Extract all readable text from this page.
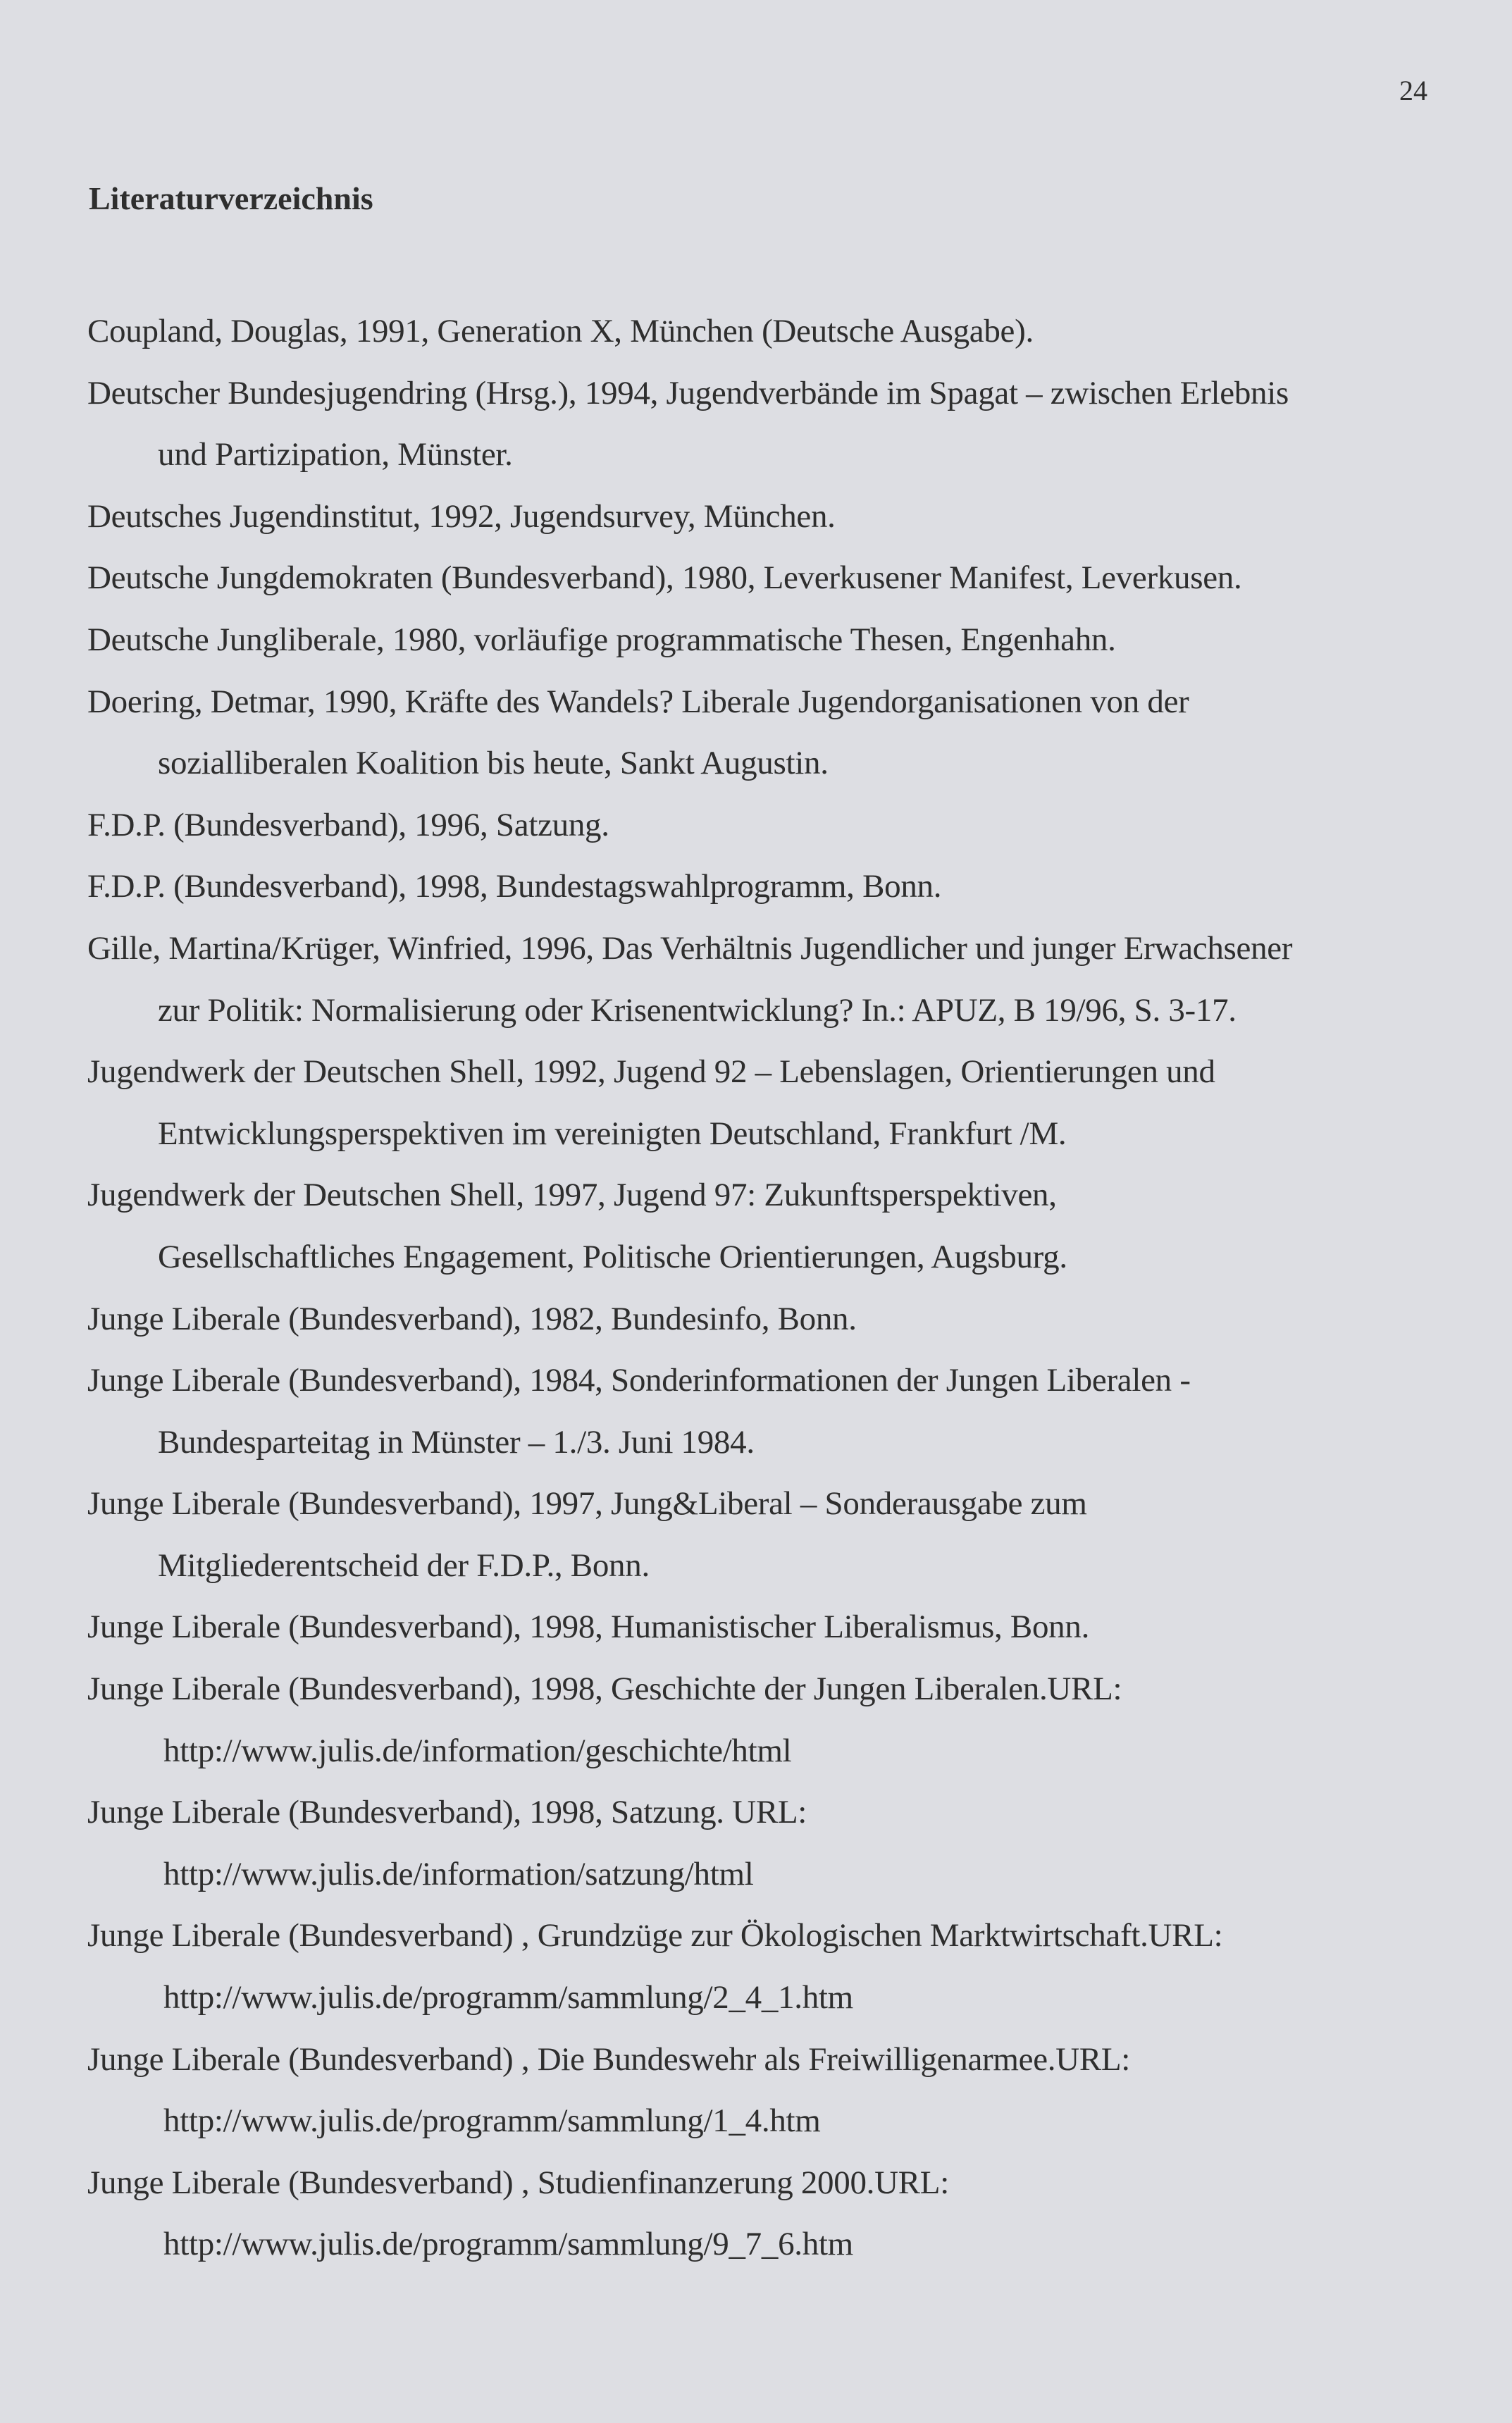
24
Literaturverzeichnis
Coupland, Douglas, 1991, Generation X, München (Deutsche Ausgabe).
Deutscher Bundesjugendring (Hrsg.), 1994, Jugendverbände im Spagat – zwischen Erlebnis
und Partizipation, Münster.
Deutsches Jugendinstitut, 1992, Jugendsurvey, München.
Deutsche Jungdemokraten (Bundesverband), 1980, Leverkusener Manifest, Leverkusen.
Deutsche Jungliberale, 1980, vorläufige programmatische Thesen, Engenhahn.
Doering, Detmar, 1990, Kräfte des Wandels? Liberale Jugendorganisationen von der
sozialliberalen Koalition bis heute, Sankt Augustin.
F.D.P. (Bundesverband), 1996, Satzung.
F.D.P. (Bundesverband), 1998, Bundestagswahlprogramm, Bonn.
Gille, Martina/Krüger, Winfried, 1996, Das Verhältnis Jugendlicher und junger Erwachsener
zur Politik: Normalisierung oder Krisenentwicklung? In.: APUZ, B 19/96, S. 3-17.
Jugendwerk der Deutschen Shell, 1992, Jugend 92 – Lebenslagen, Orientierungen und
Entwicklungsperspektiven im vereinigten Deutschland, Frankfurt /M.
Jugendwerk der Deutschen Shell, 1997, Jugend 97: Zukunftsperspektiven,
Gesellschaftliches Engagement, Politische Orientierungen, Augsburg.
Junge Liberale (Bundesverband), 1982, Bundesinfo, Bonn.
Junge Liberale (Bundesverband), 1984, Sonderinformationen der Jungen Liberalen -
Bundesparteitag in Münster – 1./3. Juni 1984.
Junge Liberale (Bundesverband), 1997, Jung&Liberal – Sonderausgabe zum
Mitgliederentscheid der F.D.P., Bonn.
Junge Liberale (Bundesverband), 1998, Humanistischer Liberalismus, Bonn.
Junge Liberale (Bundesverband), 1998, Geschichte der Jungen Liberalen.URL:
http://www.julis.de/information/geschichte/html
Junge Liberale (Bundesverband), 1998, Satzung. URL:
http://www.julis.de/information/satzung/html
Junge Liberale (Bundesverband) , Grundzüge zur Ökologischen Marktwirtschaft.URL:
http://www.julis.de/programm/sammlung/2_4_1.htm
Junge Liberale (Bundesverband) , Die Bundeswehr als Freiwilligenarmee.URL:
http://www.julis.de/programm/sammlung/1_4.htm
Junge Liberale (Bundesverband) , Studienfinanzerung 2000.URL:
http://www.julis.de/programm/sammlung/9_7_6.htm
